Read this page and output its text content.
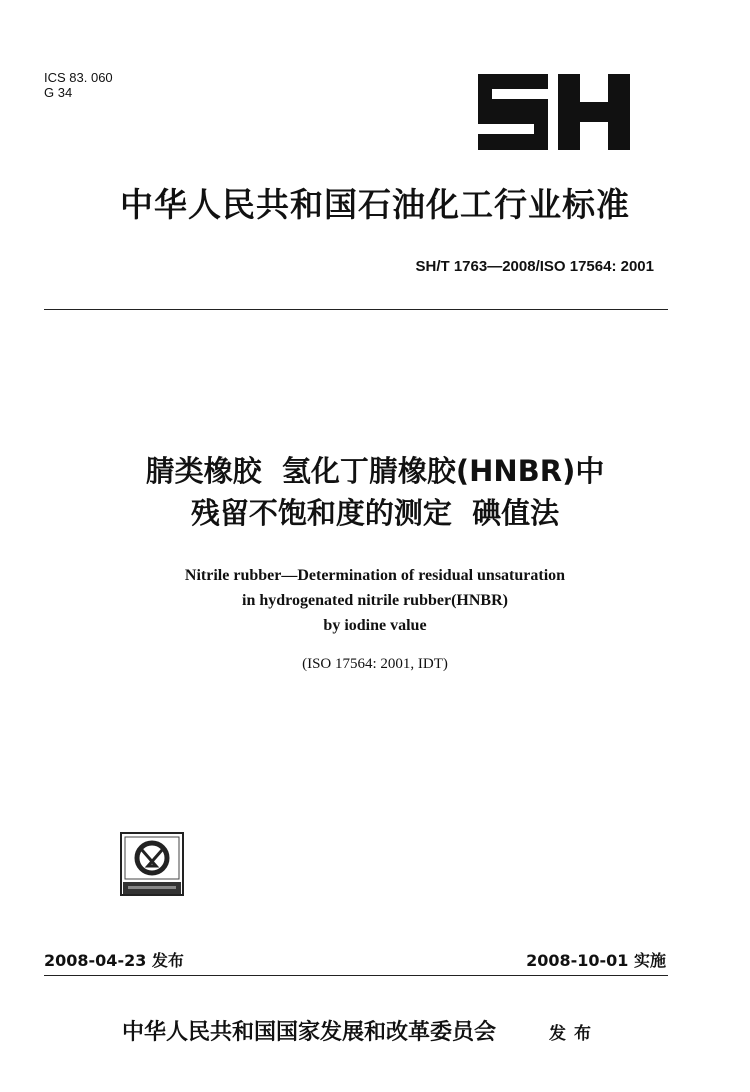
ICS 83. 060
G 34
中华人民共和国石油化工行业标准
SH/T 1763—2008/ISO 17564: 2001
腈类橡胶  氢化丁腈橡胶(HNBR)中
残留不饱和度的测定  碘值法
Nitrile rubber—Determination of residual unsaturation
in hydrogenated nitrile rubber(HNBR)
by iodine value
(ISO 17564: 2001, IDT)
2008-04-23 发布	2008-10-01 实施
中华人民共和国国家发展和改革委员会	发布
